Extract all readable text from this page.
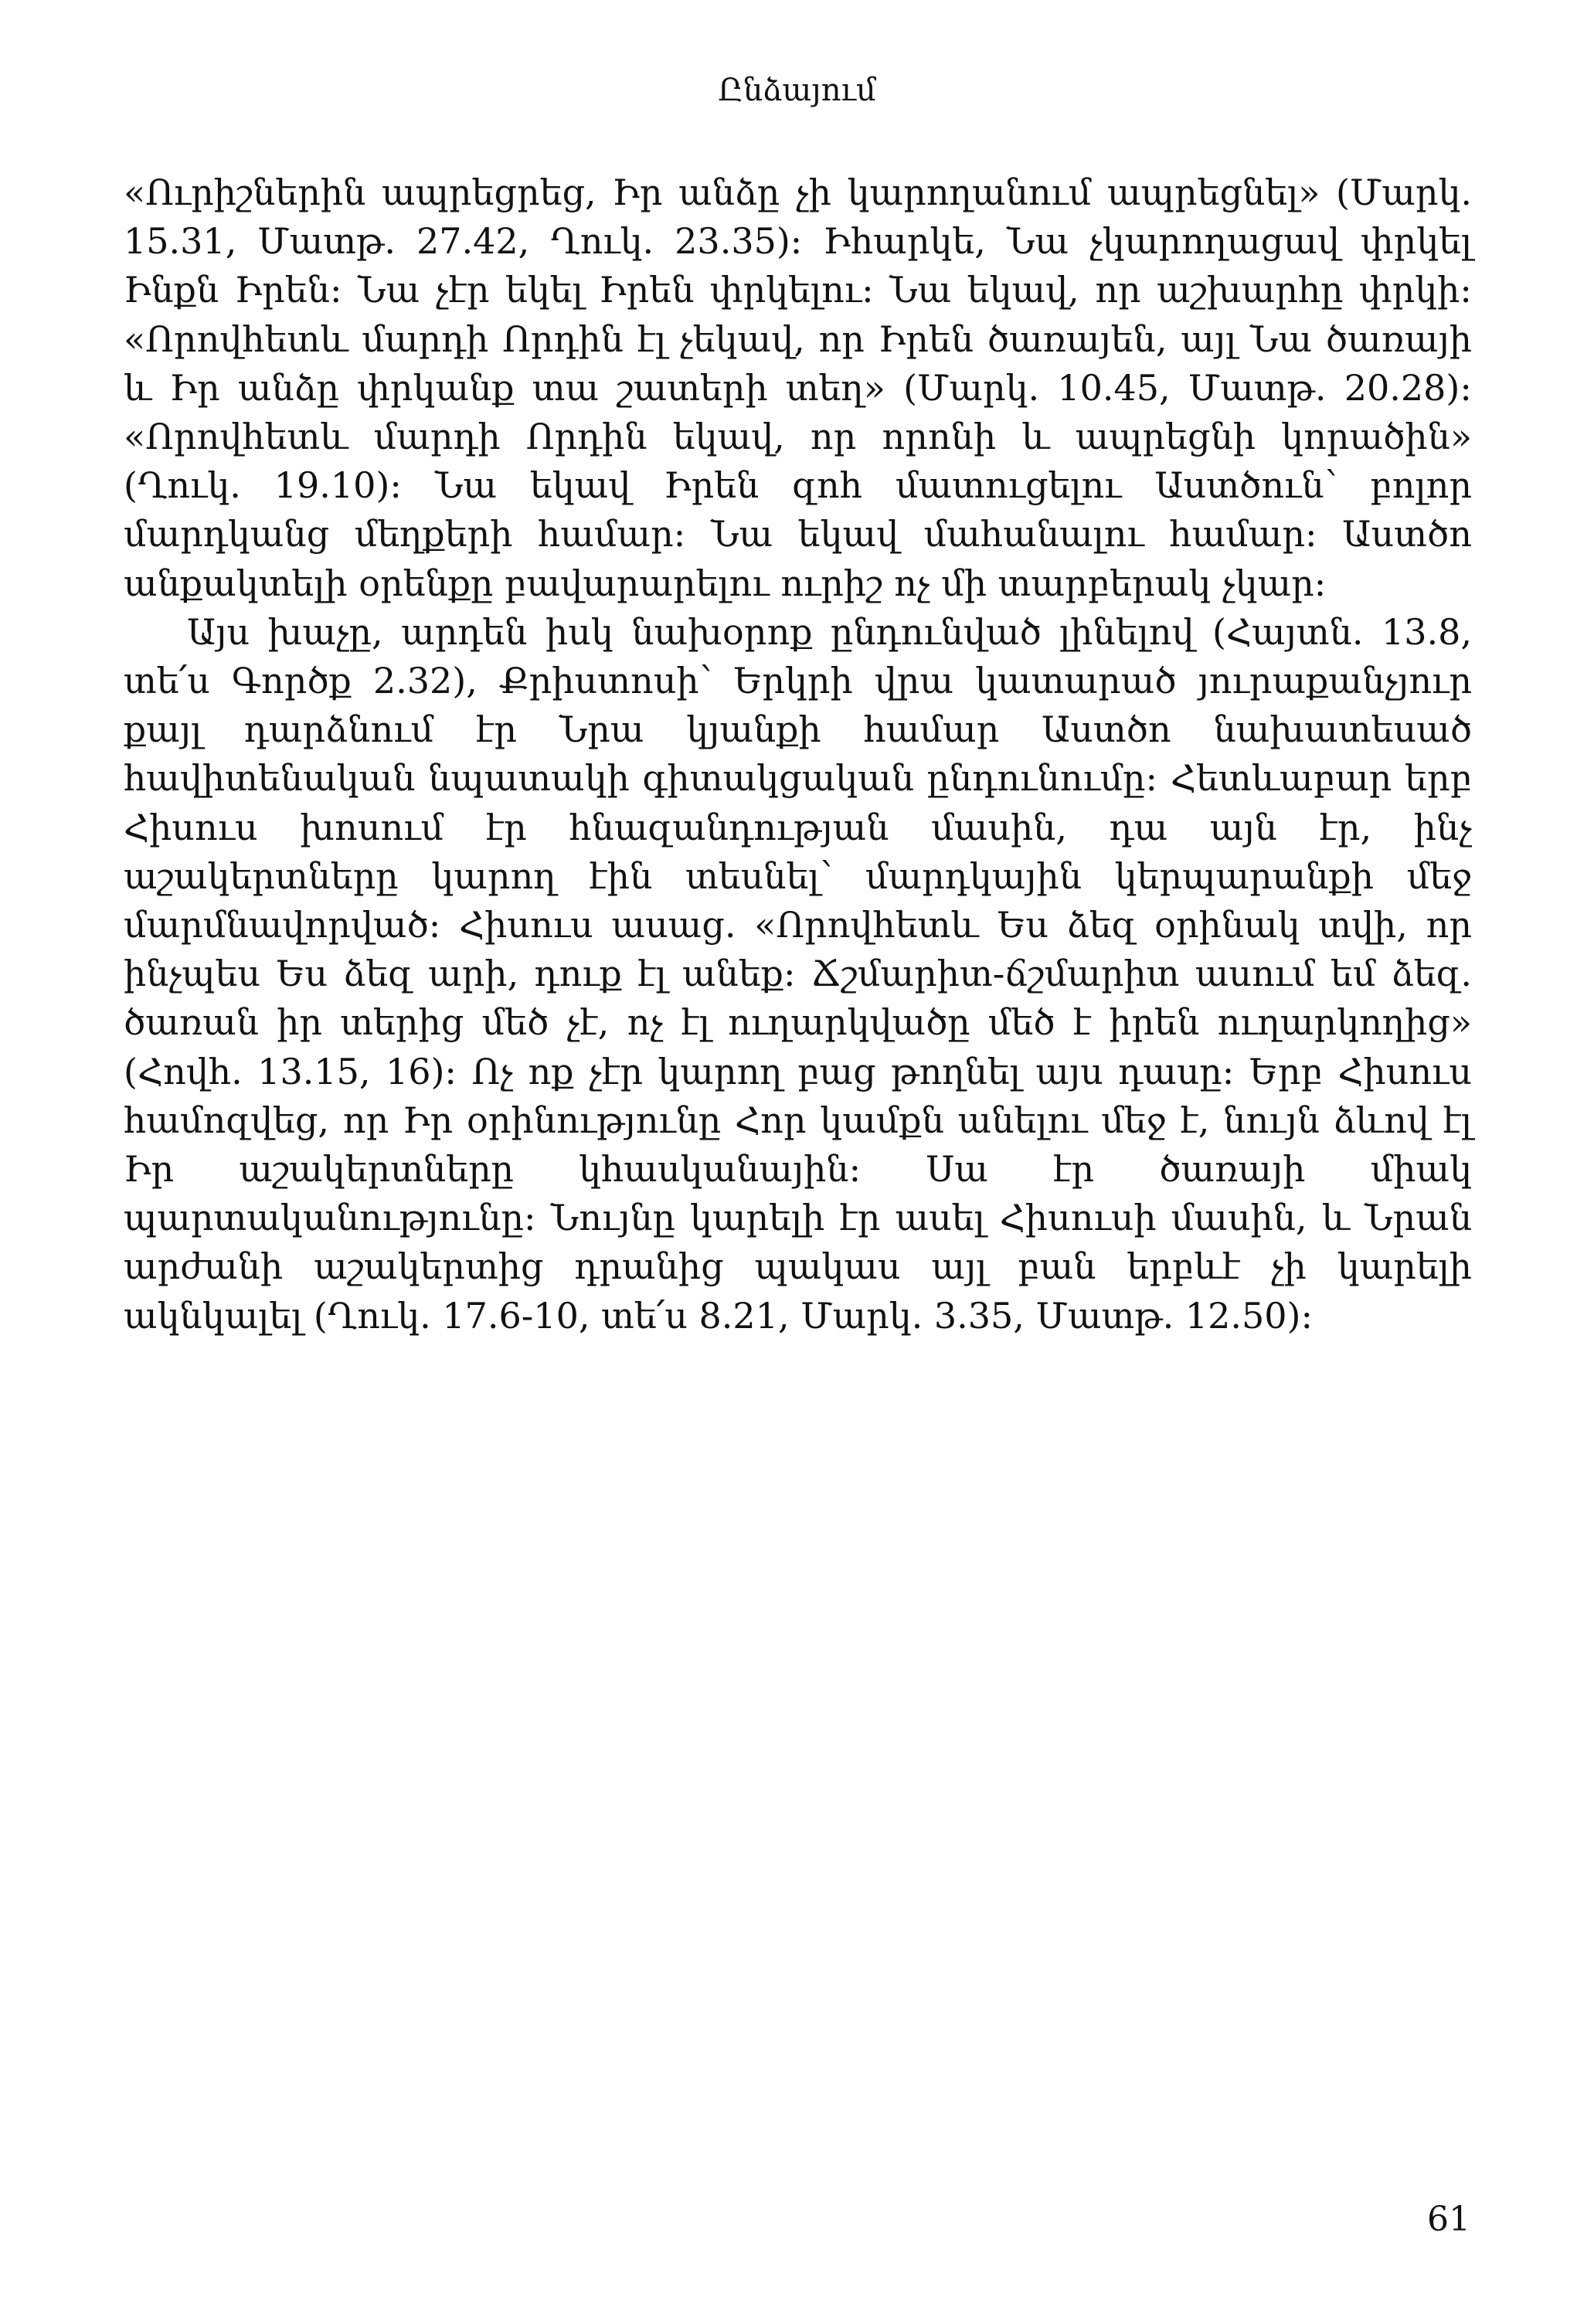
Ընձայում

«Ուրիշներին ապրեցրեց, Իր անձը չի կարողանում ապրեցնել» (Մարկ. 15.31, Մատթ. 27.42, Ղուկ. 23.35)։ Իհարկե, Նա չկարողացավ փրկել Ինքն Իրեն։ Նա չէր եկել Իրեն փրկելու։ Նա եկավ, որ աշխարհը փրկի։ «Որովհետև մարդի Որդին էլ չեկավ, որ Իրեն ծառայեն, այլ Նա ծառայի և Իր անձը փրկանք տա շատերի տեղ» (Մարկ. 10.45, Մատթ. 20.28)։ «Որովհետև մարդի Որդին եկավ, որ որոնի և ապրեցնի կորածին» (Ղուկ. 19.10)։ Նա եկավ Իրեն զոհ մատուցելու Աստծուն՝ բոլոր մարդկանց մեղքերի համար։ Նա եկավ մահանալու համար։ Աստծո անքակտելի օրենքը բավարարելու ուրիշ ոչ մի տարբերակ չկար։

Այս խաչը, արդեն իսկ նախօրոք ընդունված լինելով (Հայտն. 13.8, տե՛ս Գործք 2.32), Քրիստոսի՝ Երկրի վրա կատարած յուրաքանչյուր քայլ դարձնում էր Նրա կյանքի համար Աստծո նախատեսած հավիտենական նպատակի գիտակցական ընդունումը։ Հետևաբար երբ Հիսուս խոսում էր հնազանդության մասին, դա այն էր, ինչ աշակերտները կարող էին տեսնել՝ մարդկային կերպարանքի մեջ մարմնավորված։ Հիսուս ասաց. «Որովհետև Ես ձեզ օրինակ տվի, որ ինչպես Ես ձեզ արի, դուք էլ անեք։ Ճշմարիտ-ճշմարիտ ասում եմ ձեզ. ծառան իր տերից մեծ չէ, ոչ էլ ուղարկվածը մեծ է իրեն ուղարկողից» (Հովհ. 13.15, 16)։ Ոչ ոք չէր կարող բաց թողնել այս դասը։ Երբ Հիսուս համոզվեց, որ Իր օրինությունը Հոր կամքն անելու մեջ է, նույն ձևով էլ Իր աշակերտները կհասկանային։ Սա էր ծառայի միակ պարտականությունը։ Նույնը կարելի էր ասել Հիսուսի մասին, և Նրան արժանի աշակերտից դրանից պակաս այլ բան երբևէ չի կարելի ակնկալել (Ղուկ. 17.6-10, տե՛ս 8.21, Մարկ. 3.35, Մատթ. 12.50)։

61
